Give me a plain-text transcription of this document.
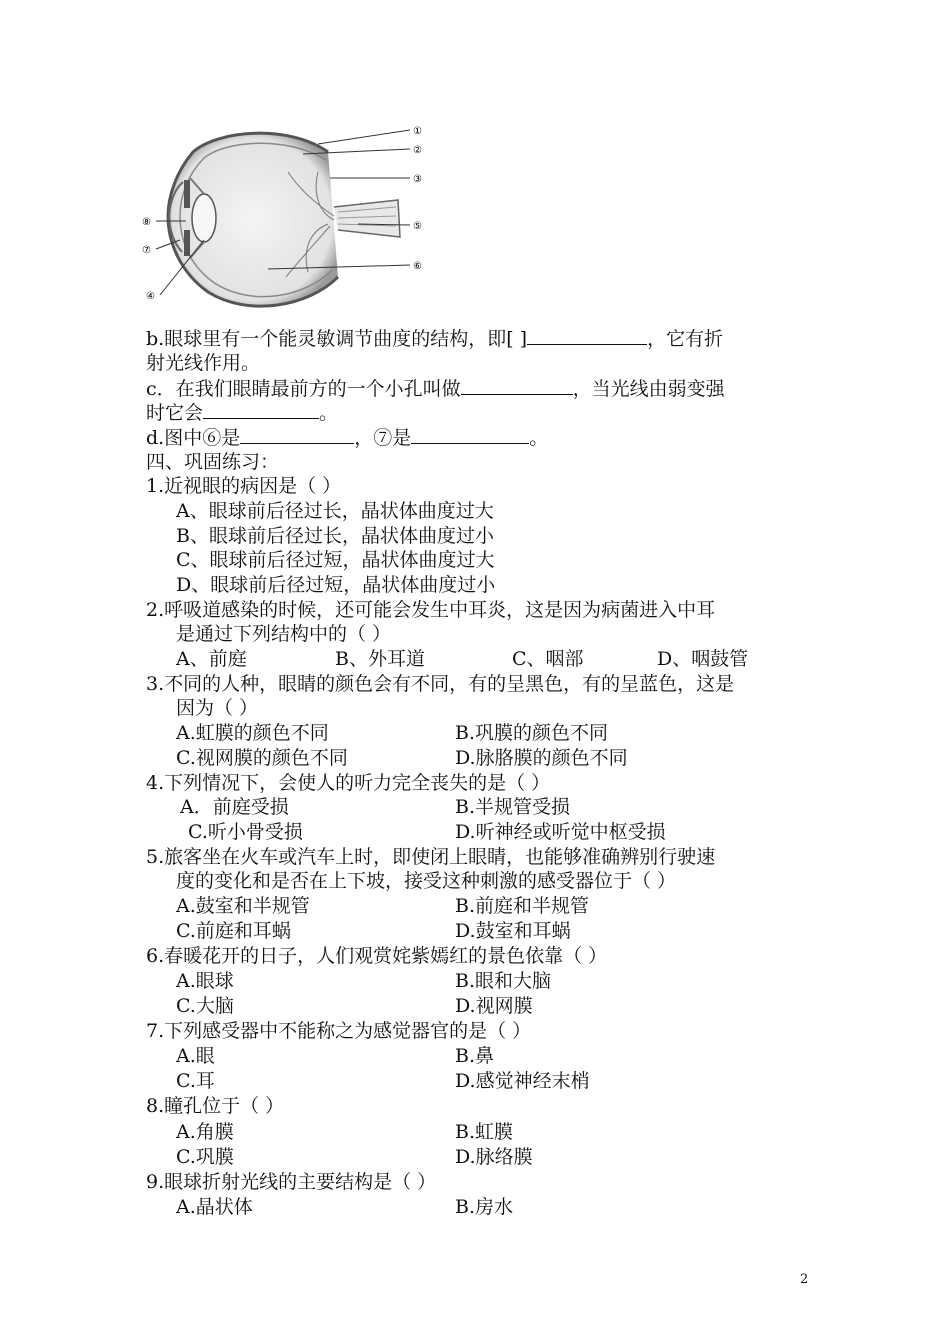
①
②
③
④
⑤
⑥
⑦
⑧
b.眼球里有一个能灵敏调节曲度的结构，即[ ]	，它有折
射光线作用。
c．在我们眼睛最前方的一个小孔叫做	，当光线由弱变强
时它会	。
d.图中⑥是	，⑦是	。
四、巩固练习：
1.近视眼的病因是（ ）
A、眼球前后径过长，晶状体曲度过大
B、眼球前后径过长，晶状体曲度过小
C、眼球前后径过短，晶状体曲度过大
D、眼球前后径过短，晶状体曲度过小
2.呼吸道感染的时候，还可能会发生中耳炎，这是因为病菌进入中耳
是通过下列结构中的（ ）
A、前庭	B、外耳道	C、咽部	D、咽鼓管
3.不同的人种，眼睛的颜色会有不同，有的呈黑色，有的呈蓝色，这是
因为（ ）
A.虹膜的颜色不同	B.巩膜的颜色不同
C.视网膜的颜色不同	D.脉胳膜的颜色不同
4.下列情况下，会使人的听力完全丧失的是（ ）
A．前庭受损	B.半规管受损
C.听小骨受损	D.听神经或听觉中枢受损
5.旅客坐在火车或汽车上时，即使闭上眼睛，也能够准确辨别行驶速
度的变化和是否在上下坡，接受这种刺激的感受器位于（ ）
A.鼓室和半规管	B.前庭和半规管
C.前庭和耳蜗	D.鼓室和耳蜗
6.春暖花开的日子，人们观赏姹紫嫣红的景色依靠（ ）
A.眼球	B.眼和大脑
C.大脑	D.视网膜
7.下列感受器中不能称之为感觉器官的是（ ）
A.眼	B.鼻
C.耳	D.感觉神经末梢
8.瞳孔位于（ ）
A.角膜	B.虹膜
C.巩膜	D.脉络膜
9.眼球折射光线的主要结构是（ ）
A.晶状体	B.房水
2
